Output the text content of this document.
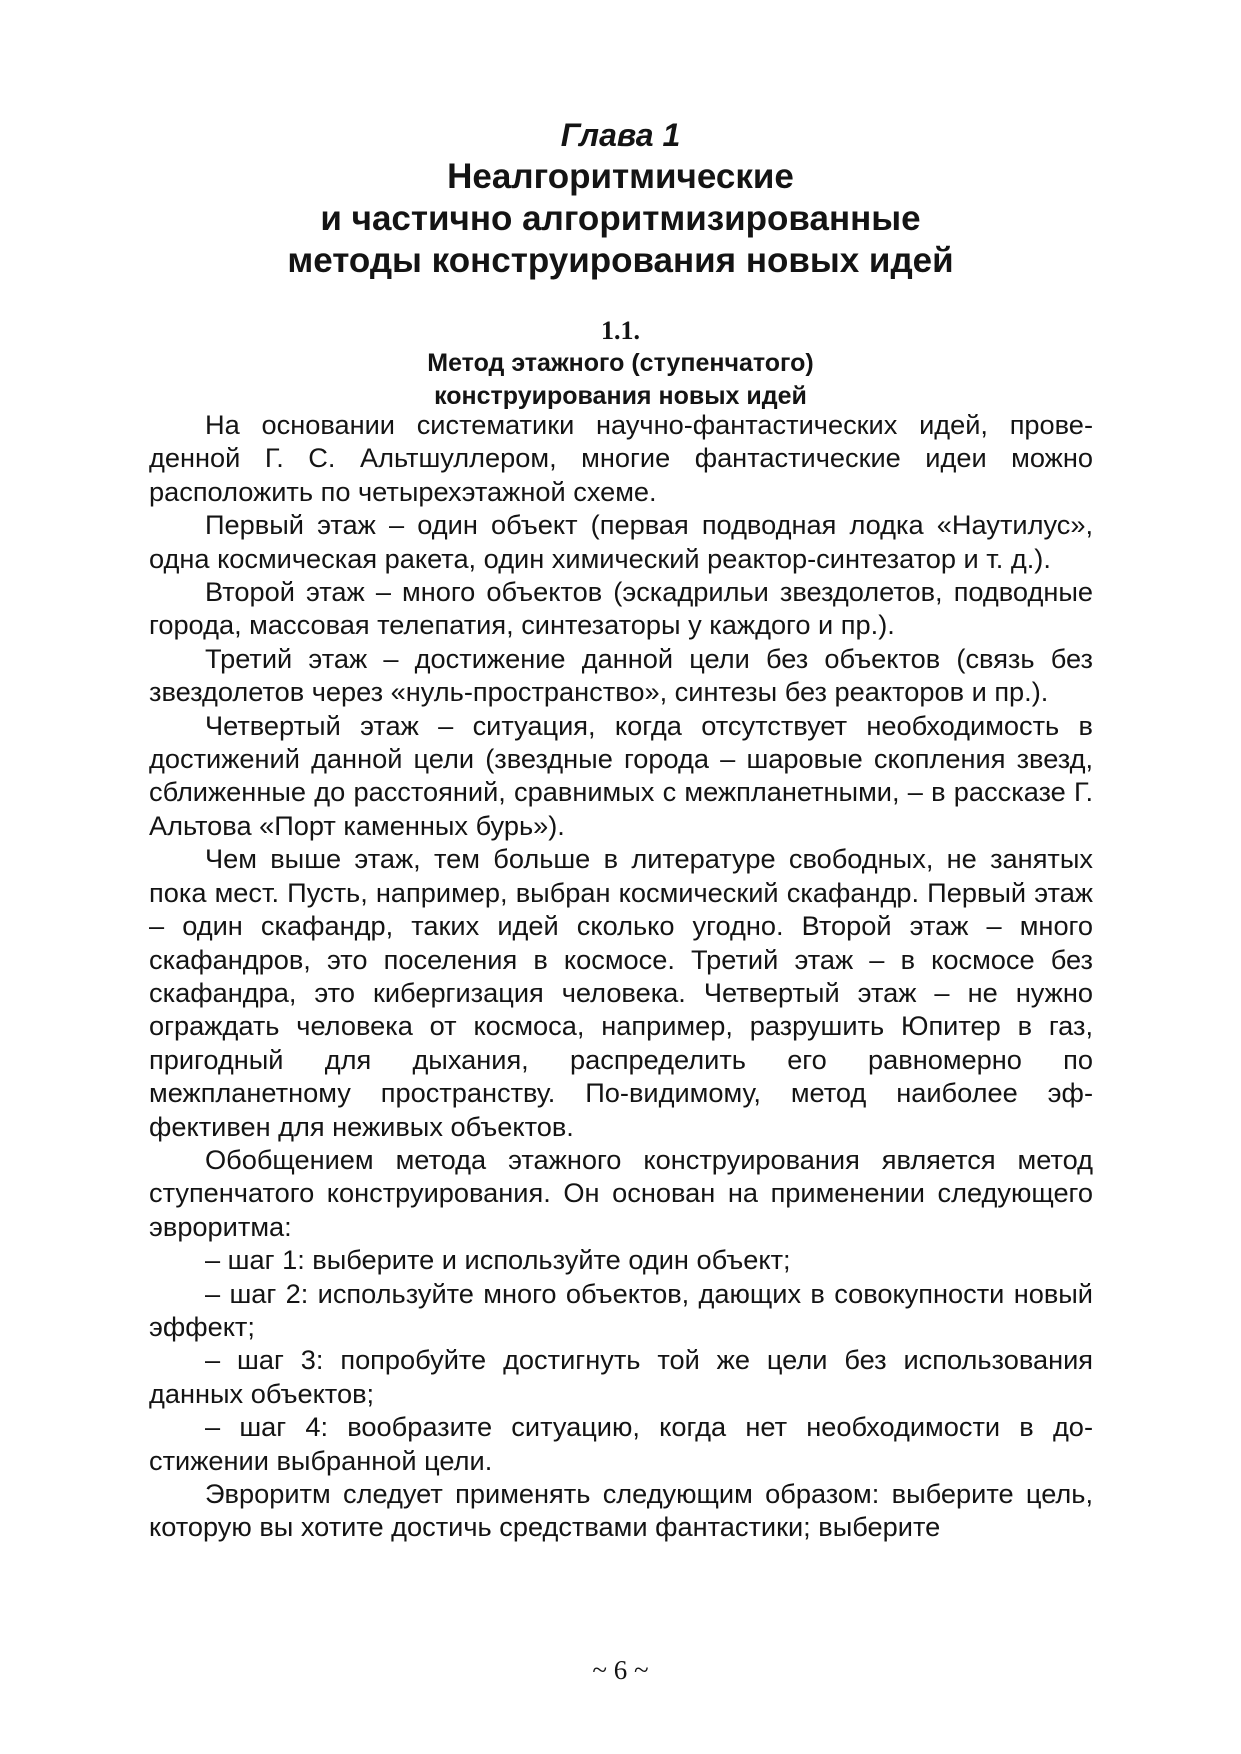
Глава 1
Неалгоритмические
и частично алгоритмизированные
методы конструирования новых идей
1.1.
Метод этажного (ступенчатого)
конструирования новых идей

На основании систематики научно-фантастических идей, проведенной Г. С. Альтшуллером, многие фантастические идеи можно расположить по четырехэтажной схеме.

Первый этаж – один объект (первая подводная лодка «Наутилус», одна космическая ракета, один химический реактор-синтезатор и т. д.).

Второй этаж – много объектов (эскадрильи звездолетов, подводные города, массовая телепатия, синтезаторы у каждого и пр.).

Третий этаж – достижение данной цели без объектов (связь без звездолетов через «нуль-пространство», синтезы без реакторов и пр.).

Четвертый этаж – ситуация, когда отсутствует необходимость в достижений данной цели (звездные города – шаровые скопления звезд, сближенные до расстояний, сравнимых с межпланетными, – в рассказе Г. Альтова «Порт каменных бурь»).

Чем выше этаж, тем больше в литературе свободных, не занятых пока мест. Пусть, например, выбран космический скафандр. Первый этаж – один скафандр, таких идей сколько угодно. Второй этаж – много скафандров, это поселения в космосе. Третий этаж – в космосе без скафандра, это кибергизация человека. Четвертый этаж – не нужно ограждать человека от космоса, например, разрушить Юпитер в газ, пригодный для дыхания, распределить его равномерно по межпланетному пространству. По-видимому, метод наиболее эффективен для неживых объектов.

Обобщением метода этажного конструирования является метод ступенчатого конструирования. Он основан на применении следующего эвроритма:

– шаг 1: выберите и используйте один объект;

– шаг 2: используйте много объектов, дающих в совокупности новый эффект;

– шаг 3: попробуйте достигнуть той же цели без использования данных объектов;

– шаг 4: вообразите ситуацию, когда нет необходимости в достижении выбранной цели.

Эвроритм следует применять следующим образом: выберите цель, которую вы хотите достичь средствами фантастики; выберите

~ 6 ~
